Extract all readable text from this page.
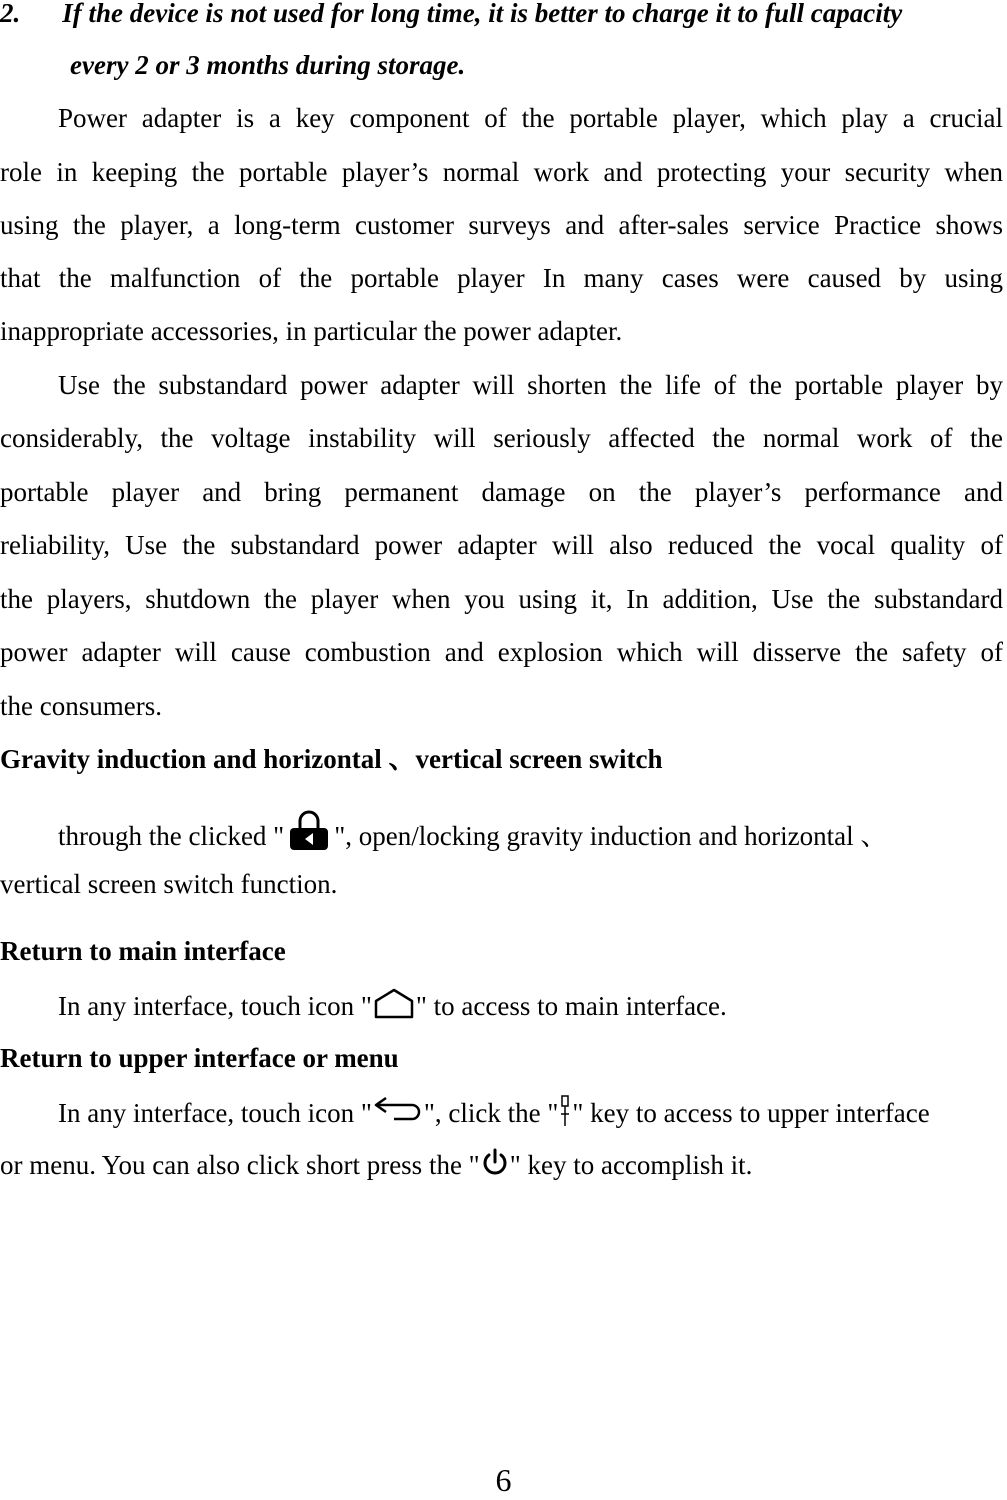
2. If the device is not used for long time, it is better to charge it to full capacity
every 2 or 3 months during storage.
Power adapter is a key component of the portable player, which play a crucial
role in keeping the portable player’s normal work and protecting your security when
using the player, a long-term customer surveys and after-sales service Practice shows
that the malfunction of the portable player In many cases were caused by using
inappropriate accessories, in particular the power adapter.
Use the substandard power adapter will shorten the life of the portable player by
considerably, the voltage instability will seriously affected the normal work of the
portable player and bring permanent damage on the player’s performance and
reliability, Use the substandard power adapter will also reduced the vocal quality of
the players, shutdown the player when you using it, In addition, Use the substandard
power adapter will cause combustion and explosion which will disserve the safety of
the consumers.
Gravity induction and horizontal 、vertical screen switch
through the clicked " ", open/locking gravity induction and horizontal 、
vertical screen switch function.
Return to main interface
In any interface, touch icon " " to access to main interface.
Return to upper interface or menu
In any interface, touch icon " ", click the " " key to access to upper interface
or menu. You can also click short press the " " key to accomplish it.
6
